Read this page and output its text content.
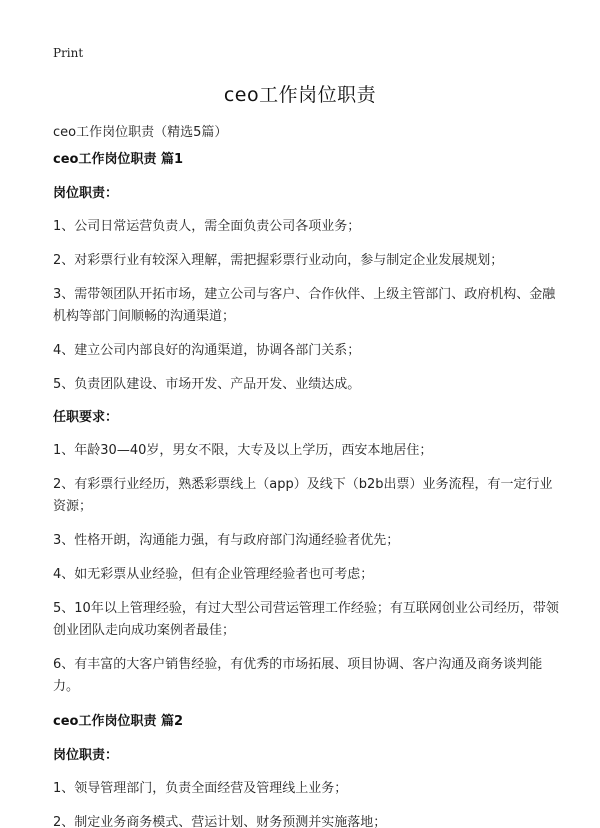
Print
ceo工作岗位职责
ceo工作岗位职责（精选5篇）
ceo工作岗位职责 篇1
岗位职责：
1、公司日常运营负责人，需全面负责公司各项业务；
2、对彩票行业有较深入理解，需把握彩票行业动向，参与制定企业发展规划；
3、需带领团队开拓市场，建立公司与客户、合作伙伴、上级主管部门、政府机构、金融机构等部门间顺畅的沟通渠道；
4、建立公司内部良好的沟通渠道，协调各部门关系；
5、负责团队建设、市场开发、产品开发、业绩达成。
任职要求：
1、年龄30—40岁，男女不限，大专及以上学历，西安本地居住；
2、有彩票行业经历，熟悉彩票线上（app）及线下（b2b出票）业务流程，有一定行业资源；
3、性格开朗，沟通能力强，有与政府部门沟通经验者优先；
4、如无彩票从业经验，但有企业管理经验者也可考虑；
5、10年以上管理经验，有过大型公司营运管理工作经验；有互联网创业公司经历，带领创业团队走向成功案例者最佳；
6、有丰富的大客户销售经验，有优秀的市场拓展、项目协调、客户沟通及商务谈判能力。
ceo工作岗位职责 篇2
岗位职责：
1、领导管理部门，负责全面经营及管理线上业务；
2、制定业务商务模式、营运计划、财务预测并实施落地；
